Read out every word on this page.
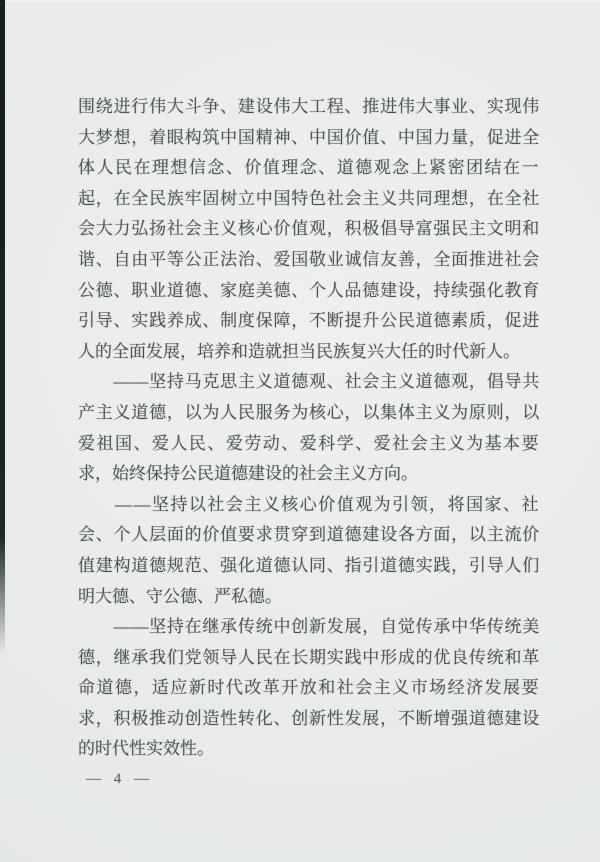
围绕进行伟大斗争、建设伟大工程、推进伟大事业、实现伟
大梦想，着眼构筑中国精神、中国价值、中国力量，促进全
体人民在理想信念、价值理念、道德观念上紧密团结在一
起，在全民族牢固树立中国特色社会主义共同理想，在全社
会大力弘扬社会主义核心价值观，积极倡导富强民主文明和
谐、自由平等公正法治、爱国敬业诚信友善，全面推进社会
公德、职业道德、家庭美德、个人品德建设，持续强化教育
引导、实践养成、制度保障，不断提升公民道德素质，促进
人的全面发展，培养和造就担当民族复兴大任的时代新人。
　　——坚持马克思主义道德观、社会主义道德观，倡导共
产主义道德，以为人民服务为核心，以集体主义为原则，以
爱祖国、爱人民、爱劳动、爱科学、爱社会主义为基本要
求，始终保持公民道德建设的社会主义方向。
　　——坚持以社会主义核心价值观为引领，将国家、社
会、个人层面的价值要求贯穿到道德建设各方面，以主流价
值建构道德规范、强化道德认同、指引道德实践，引导人们
明大德、守公德、严私德。
　　——坚持在继承传统中创新发展，自觉传承中华传统美
德，继承我们党领导人民在长期实践中形成的优良传统和革
命道德，适应新时代改革开放和社会主义市场经济发展要
求，积极推动创造性转化、创新性发展，不断增强道德建设
的时代性实效性。
— 4 —
